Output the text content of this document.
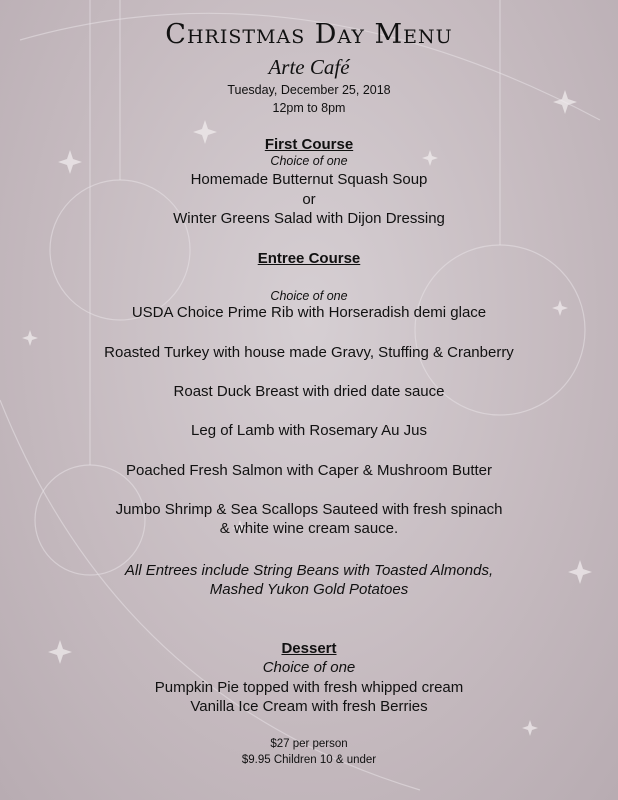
Christmas Day Menu
Arte Café
Tuesday, December 25, 2018
12pm to 8pm
First Course
Choice of one
Homemade Butternut Squash Soup
or
Winter Greens Salad with Dijon Dressing
Entree Course
Choice of one
USDA Choice Prime Rib with Horseradish demi glace
Roasted Turkey with house made Gravy, Stuffing & Cranberry
Roast Duck Breast with dried date sauce
Leg of Lamb with Rosemary Au Jus
Poached Fresh Salmon with Caper & Mushroom Butter
Jumbo Shrimp & Sea Scallops Sauteed with fresh spinach
& white wine cream sauce.
All Entrees include String Beans with Toasted Almonds,
Mashed Yukon Gold Potatoes
Dessert
Choice of one
Pumpkin Pie topped with fresh whipped cream
Vanilla Ice Cream with fresh Berries
$27 per person
$9.95 Children 10 & under
